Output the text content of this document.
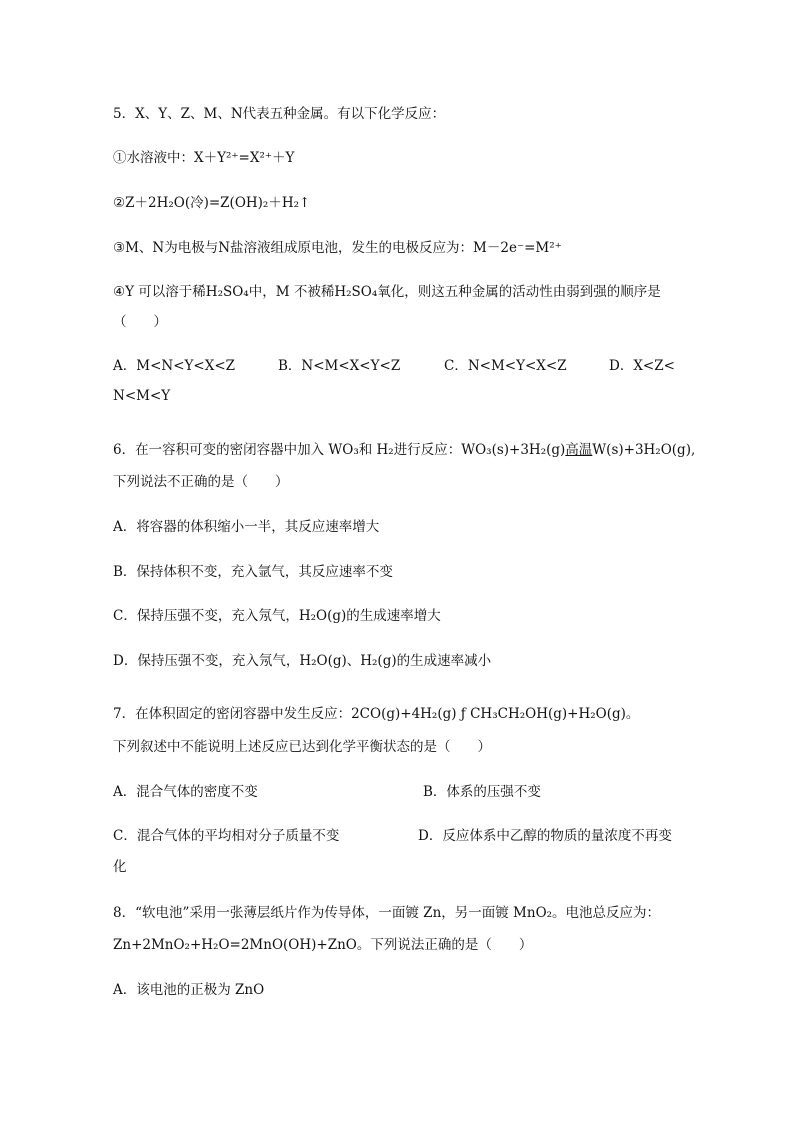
5．X、Y、Z、M、N代表五种金属。有以下化学反应：
①水溶液中：X＋Y²⁺=X²⁺＋Y
②Z＋2H₂O(冷)=Z(OH)₂＋H₂↑
③M、N为电极与N盐溶液组成原电池，发生的电极反应为：M－2e⁻=M²⁺
④Y 可以溶于稀H₂SO₄中，M 不被稀H₂SO₄氧化，则这五种金属的活动性由弱到强的顺序是
（　　）
A．M<N<Y<X<Z	B．N<M<X<Y<Z	C．N<M<Y<X<Z	D．X<Z<
N<M<Y
6．在一容积可变的密闭容器中加入 WO₃和 H₂进行反应：WO₃(s)+3H₂(g)高温W(s)+3H₂O(g),
下列说法不正确的是（　　）
A．将容器的体积缩小一半，其反应速率增大
B．保持体积不变，充入氩气，其反应速率不变
C．保持压强不变，充入氖气，H₂O(g)的生成速率增大
D．保持压强不变，充入氖气，H₂O(g)、H₂(g)的生成速率减小
7．在体积固定的密闭容器中发生反应：2CO(g)+4H₂(g) ƒ CH₃CH₂OH(g)+H₂O(g)。
下列叙述中不能说明上述反应已达到化学平衡状态的是（　　）
A．混合气体的密度不变	B．体系的压强不变
C．混合气体的平均相对分子质量不变	D．反应体系中乙醇的物质的量浓度不再变
化
8．“软电池”采用一张薄层纸片作为传导体，一面镀 Zn，另一面镀 MnO₂。电池总反应为：
Zn+2MnO₂+H₂O=2MnO(OH)+ZnO。下列说法正确的是（　　）
A．该电池的正极为 ZnO
